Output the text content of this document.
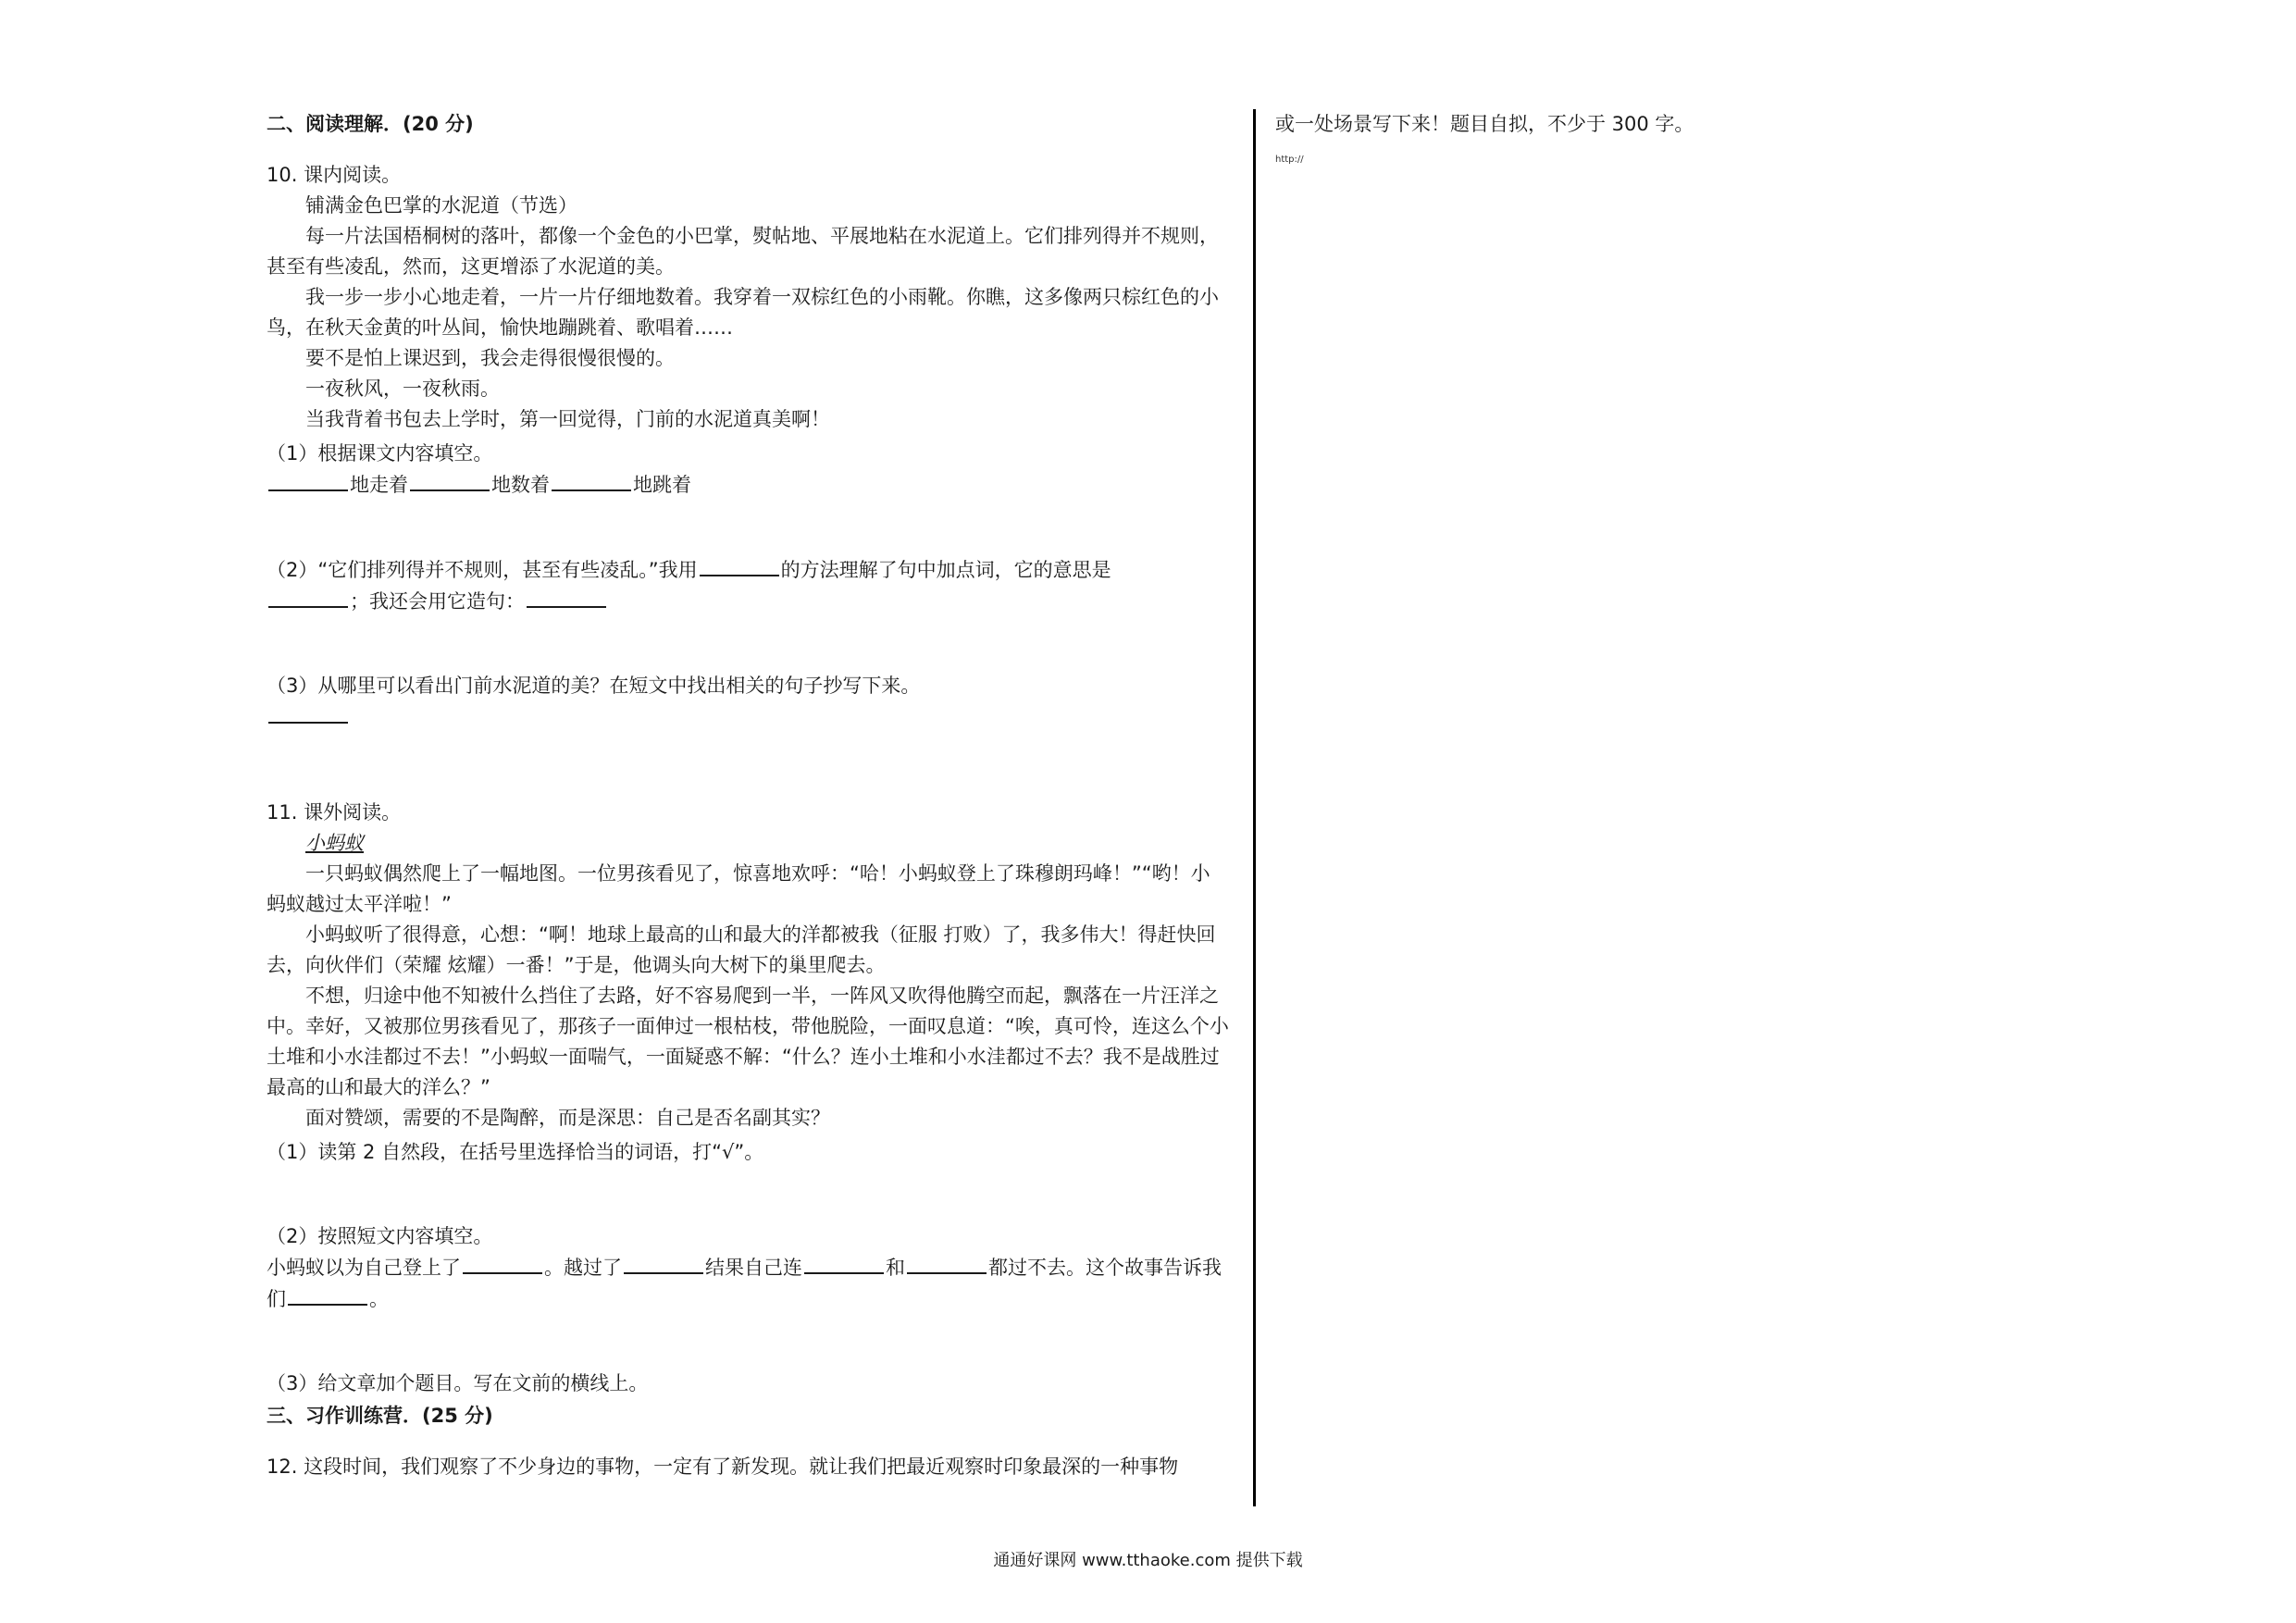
二、阅读理解．(20 分)

10. 课内阅读。

铺满金色巴掌的水泥道（节选）

每一片法国梧桐树的落叶，都像一个金色的小巴掌，熨帖地、平展地粘在水泥道上。它们排列得并不规则，甚至有些凌乱，然而，这更增添了水泥道的美。

我一步一步小心地走着，一片一片仔细地数着。我穿着一双棕红色的小雨靴。你瞧，这多像两只棕红色的小鸟，在秋天金黄的叶丛间，愉快地蹦跳着、歌唱着……

要不是怕上课迟到，我会走得很慢很慢的。

一夜秋风，一夜秋雨。

当我背着书包去上学时，第一回觉得，门前的水泥道真美啊！

（1）根据课文内容填空。

地走着	地数着	地跳着

（2）“它们排列得并不规则，甚至有些凌乱。”我用	的方法理解了句中加点词，它的意思是

；我还会用它造句：

（3）从哪里可以看出门前水泥道的美？在短文中找出相关的句子抄写下来。

11. 课外阅读。

小蚂蚁

一只蚂蚁偶然爬上了一幅地图。一位男孩看见了，惊喜地欢呼：“哈！小蚂蚁登上了珠穆朗玛峰！”“哟！小蚂蚁越过太平洋啦！”

小蚂蚁听了很得意，心想：“啊！地球上最高的山和最大的洋都被我（征服 打败）了，我多伟大！得赶快回去，向伙伴们（荣耀 炫耀）一番！”于是，他调头向大树下的巢里爬去。

不想，归途中他不知被什么挡住了去路，好不容易爬到一半，一阵风又吹得他腾空而起，飘落在一片汪洋之中。幸好，又被那位男孩看见了，那孩子一面伸过一根枯枝，带他脱险，一面叹息道：“唉，真可怜，连这么个小土堆和小水洼都过不去！”小蚂蚁一面喘气，一面疑惑不解：“什么？连小土堆和小水洼都过不去？我不是战胜过最高的山和最大的洋么？”

面对赞颂，需要的不是陶醉，而是深思：自己是否名副其实？

（1）读第 2 自然段，在括号里选择恰当的词语，打“√”。

（2）按照短文内容填空。

小蚂蚁以为自己登上了	。越过了	结果自己连	和	都过不去。这个故事告诉我们	。

（3）给文章加个题目。写在文前的横线上。

三、习作训练营．(25 分)

12. 这段时间，我们观察了不少身边的事物，一定有了新发现。就让我们把最近观察时印象最深的一种事物

或一处场景写下来！题目自拟，不少于 300 字。

http://

通通好课网 www.tthaoke.com 提供下载
